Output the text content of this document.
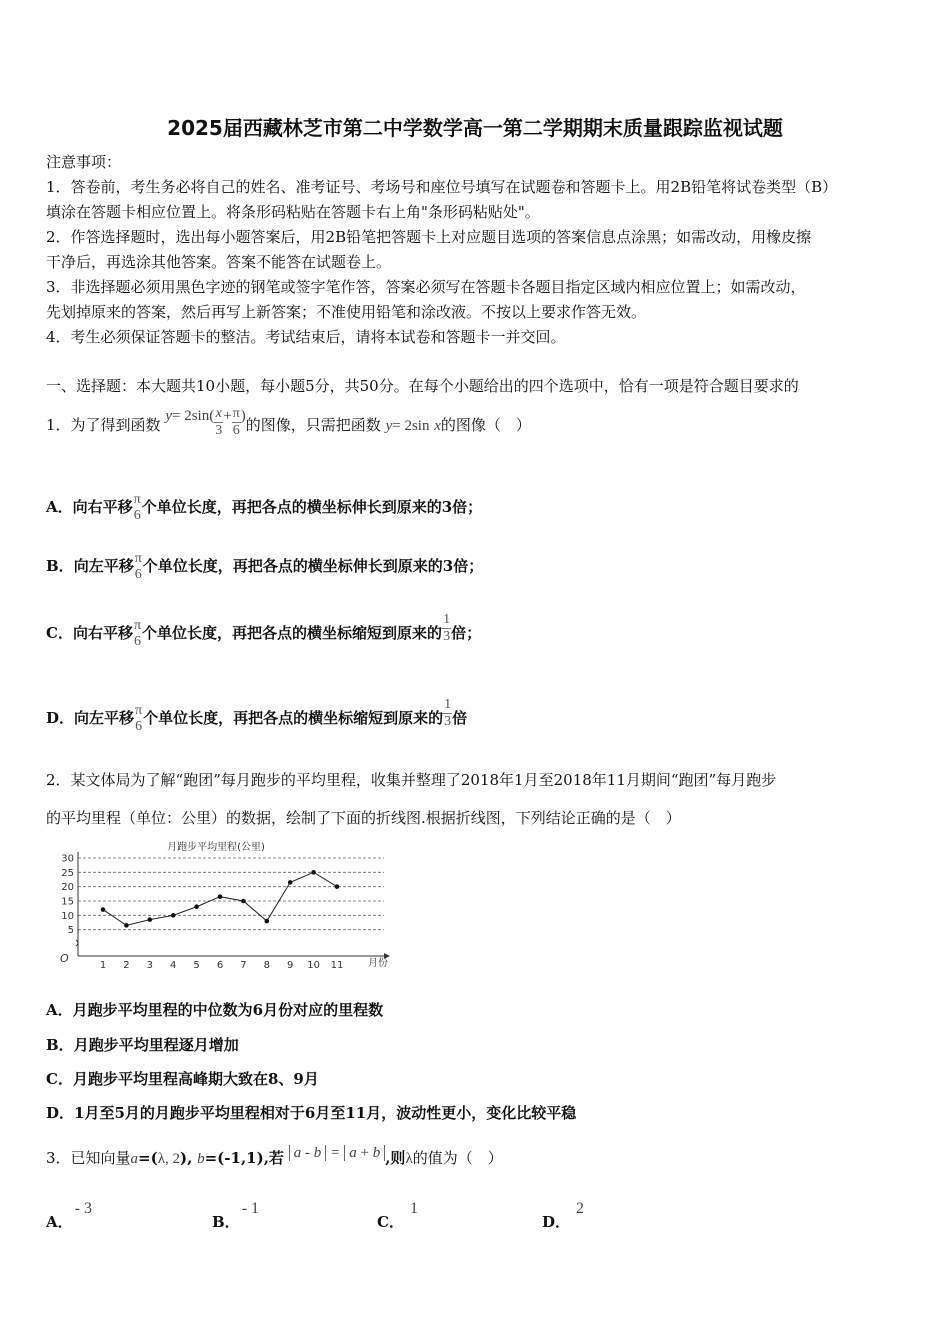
2025届西藏林芝市第二中学数学高一第二学期期末质量跟踪监视试题
注意事项：
1．答卷前，考生务必将自己的姓名、准考证号、考场号和座位号填写在试题卷和答题卡上。用2B铅笔将试卷类型（B）
填涂在答题卡相应位置上。将条形码粘贴在答题卡右上角"条形码粘贴处"。
2．作答选择题时，选出每小题答案后，用2B铅笔把答题卡上对应题目选项的答案信息点涂黑；如需改动，用橡皮擦
干净后，再选涂其他答案。答案不能答在试题卷上。
3．非选择题必须用黑色字迹的钢笔或签字笔作答，答案必须写在答题卡各题目指定区域内相应位置上；如需改动，
先划掉原来的答案，然后再写上新答案；不准使用铅笔和涂改液。不按以上要求作答无效。
4．考生必须保证答题卡的整洁。考试结束后，请将本试卷和答题卡一并交回。
一、选择题：本大题共10小题，每小题5分，共50分。在每个小题给出的四个选项中，恰有一项是符合题目要求的
1．为了得到函数 $y= 2\sin( \frac{x}{3} + \frac{\pi}{6}$ )的图像，只需把函数 y= 2sin x的图像（　）
A．向右平移 π
6 个单位长度，再把各点的横坐标伸长到原来的3倍；
B．向左平移 π
6 个单位长度，再把各点的横坐标伸长到原来的3倍；
C．向右平移 π
6 个单位长度，再把各点的横坐标缩短到原来的 $\frac{1}{3}$ 倍；
D．向左平移 π
6 个单位长度，再把各点的横坐标缩短到原来的 $\frac{1}{3}$ 倍
2．某文体局为了解“跑团”每月跑步的平均里程，收集并整理了2018年1月至2018年11月期间“跑团”每月跑步
的平均里程（单位：公里）的数据，绘制了下面的折线图.根据折线图，下列结论正确的是（　）
月跑步平均里程(公里)
O	月份
5
10
15
20
25
30
1 2 3 4 5 6 7 8 9 10 11
A．月跑步平均里程的中位数为6月份对应的里程数
B．月跑步平均里程逐月增加
C．月跑步平均里程高峰期大致在8、9月
D．1月至5月的月跑步平均里程相对于6月至11月，波动性更小，变化比较平稳
3．已知向量a=(λ, 2), b=(-1,1),若 a - b = a + b ,则λ的值为（　）
A．- 3
B．- 1
C．1
D．2
